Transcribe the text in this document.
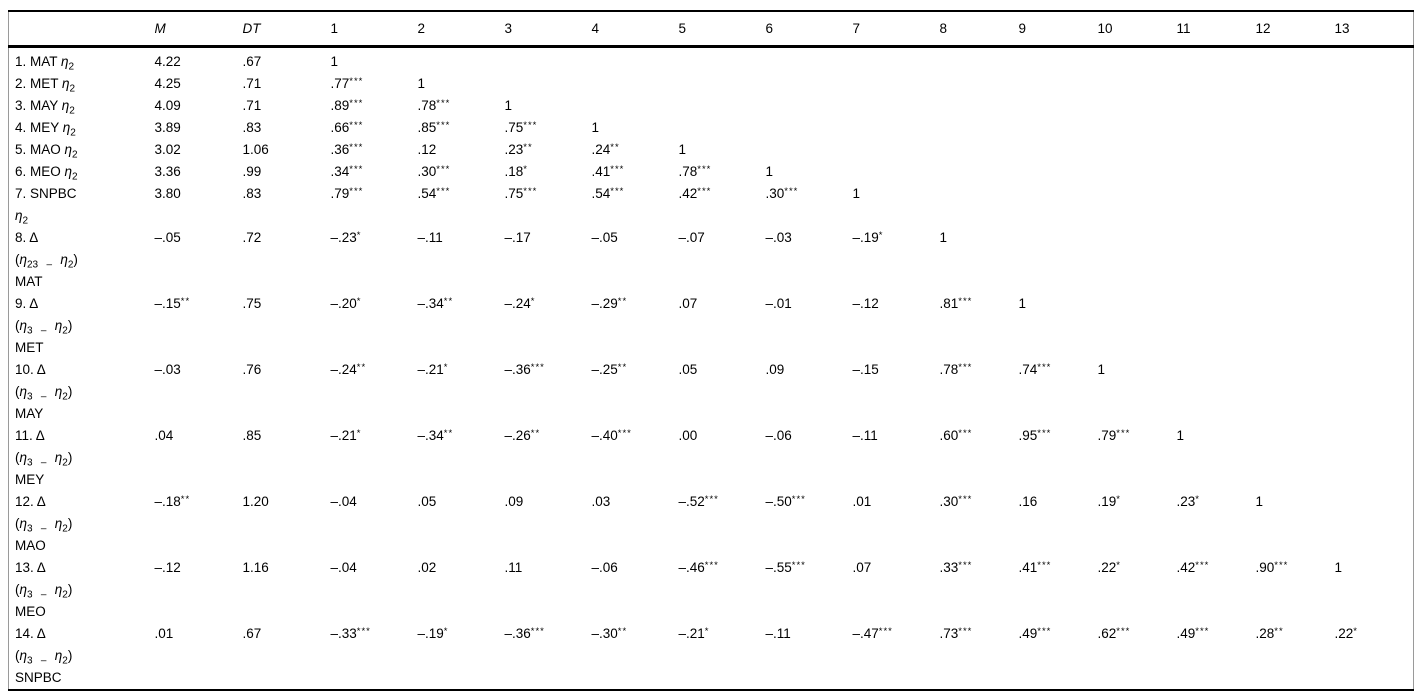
	M	DT	1	2	3	4	5	6	7	8	9	10	11	12	13

1. MAT $\eta_2$	4.22	.67	1												

2. MET $\eta_2$	4.25	.71	.77***	1											

3. MAY $\eta_2$	4.09	.71	.89***	.78***	1										

4. MEY $\eta_2$	3.89	.83	.66***	.85***	.75***	1									

5. MAO $\eta_2$	3.02	1.06	.36***	.12	.23**	.24**	1								

6. MEO $\eta_2$	3.36	.99	.34***	.30***	.18*	.41***	.78***	1							

7. SNPBC
$\eta_2$	3.80	.83	.79***	.54***	.75***	.54***	.42***	.30***	1						

8. Δ
($\eta_{23}$   $_-$   $\eta_2$)
MAT	–.05	.72	–.23*	–.11	–.17	–.05	–.07	–.03	–.19*	1					

9. Δ
($\eta_3$   $_-$   $\eta_2$)
MET	–.15**	.75	–.20*	–.34**	–.24*	–.29**	.07	–.01	–.12	.81***	1				

10. Δ
($\eta_3$   $_-$   $\eta_2$)
MAY	–.03	.76	–.24**	–.21*	–.36***	–.25**	.05	.09	–.15	.78***	.74***	1			

11. Δ
($\eta_3$   $_-$   $\eta_2$)
MEY	.04	.85	–.21*	–.34**	–.26**	–.40***	.00	–.06	–.11	.60***	.95***	.79***	1		

12. Δ
($\eta_3$   $_-$   $\eta_2$)
MAO	–.18**	1.20	–.04	.05	.09	.03	–.52***	–.50***	.01	.30***	.16	.19*	.23*	1	

13. Δ
($\eta_3$   $_-$   $\eta_2$)
MEO	–.12	1.16	–.04	.02	.11	–.06	–.46***	–.55***	.07	.33***	.41***	.22*	.42***	.90***	1

14. Δ
($\eta_3$   $_-$   $\eta_2$)
SNPBC	.01	.67	–.33***	–.19*	–.36***	–.30**	–.21*	–.11	–.47***	.73***	.49***	.62***	.49***	.28**	.22*
